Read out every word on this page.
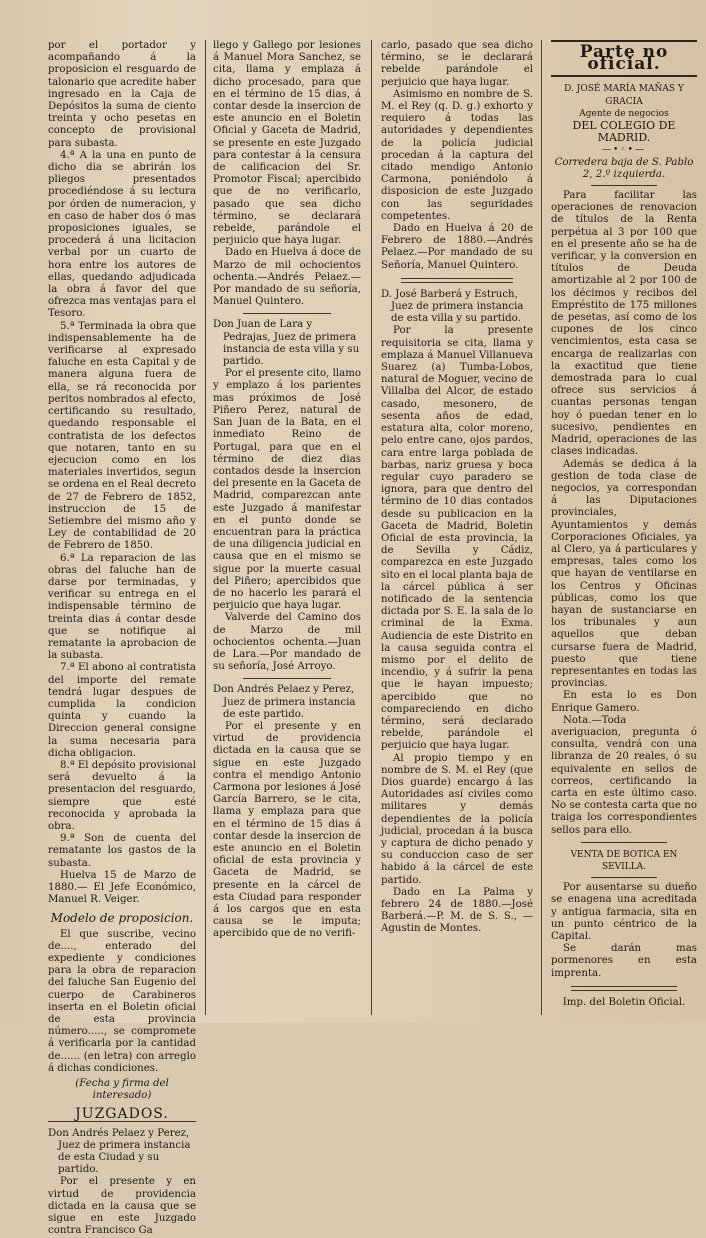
por el portador y acompañando á la proposicion el resguardo de talonario que acredite haber ingresado en la Caja de Depósitos la suma de ciento treinta y ocho pesetas en concepto de provisional para subasta.

4.ª A la una en punto de dicho dia se abrirán los pliegos presentados procediéndose á su lectura por órden de numeracion, y en caso de haber dos ó mas proposiciones iguales, se procederá á una licitacion verbal por un cuarto de hora entre los autores de ellas, quedando adjudicada la obra á favor del que ofrezca mas ventajas para el Tesoro.

5.ª Terminada la obra que indispensablemente ha de verificarse al expresado faluche en esta Capital y de manera alguna fuera de ella, se rá reconocida por peritos nombrados al efecto, certificando su resultado, quedando responsable el contratista de los defectos que notaren, tanto en su ejecucion como en los materiales invertidos, segun se ordena en el Real decreto de 27 de Febrero de 1852, instruccion de 15 de Setiembre del mismo año y Ley de contabilidad de 20 de Febrero de 1850.

6.ª La reparacion de las obras del faluche han de darse por terminadas, y verificar su entrega en el indispensable término de treinta dias á contar desde que se notifique al rematante la aprobacion de la subasta.

7.ª El abono al contratista del importe del remate tendrá lugar despues de cumplida la condicion quinta y cuando la Direccion general consigne la suma necesaria para dicha obligacion.

8.ª El depósito provisional será devuelto á la presentacion del resguardo, siempre que esté reconocida y aprobada la obra.

9.ª Son de cuenta del rematante los gastos de la subasta.

Huelva 15 de Marzo de 1880.— El Jefe Económico, Manuel R. Veiger.

Modelo de proposicion.

El que suscribe, vecino de...., enterado del expediente y condiciones para la obra de reparacion del faluche San Eugenio del cuerpo de Carabineros inserta en el Boletin oficial de esta provincia número....., se compromete á verificarla por la cantidad de...... (en letra) con arreglo á dichas condiciones.

(Fecha y firma del interesado)

JUZGADOS.

Don Andrés Pelaez y Perez, Juez de primera instancia de esta Ciudad y su partido.

Por el presente y en virtud de providencia dictada en la causa que se sigue en este Juzgado contra Francisco Ga

llego y Gallego por lesiones á Manuel Mora Sanchez, se cita, llama y emplaza á dicho procesado, para que en el término de 15 dias, á contar desde la insercion de este anuncio en el Boletin Oficial y Gaceta de Madrid, se presente en este Juzgado para contestar á la censura de calificacion del Sr. Promotor Fiscal; apercibido que de no verificarlo, pasado que sea dicho término, se declarará rebelde, parándole el perjuicio que haya lugar.

Dado en Huelva á doce de Marzo de mil ochocientos ochenta.—Andrés Pelaez.—Por mandado de su señoría, Manuel Quintero.

Don Juan de Lara y Pedrajas, Juez de primera instancia de esta villa y su partido.

Por el presente cito, llamo y emplazo á los parientes mas próximos de José Piñero Perez, natural de San Juan de la Bata, en el inmediato Reino de Portugal, para que en el término de diez dias contados desde la insercion del presente en la Gaceta de Madrid, comparezcan ante este Juzgado á manifestar en el punto donde se encuentran para la práctica de una diligencia judicial en causa que en el mismo se sigue por la muerte casual del Piñero; apercibidos que de no hacerlo les parará el perjuicio que haya lugar.

Valverde del Camino dos de Marzo de mil ochocientos ochenta.—Juan de Lara.—Por mandado de su señoría, José Arroyo.

Don Andrés Pelaez y Perez, Juez de primera instancia de este partido.

Por el presente y en virtud de providencia dictada en la causa que se sigue en este Juzgado contra el mendigo Antonio Carmona por lesiones á José García Barrero, se le cita, llama y emplaza para que en el término de 15 dias á contar desde la insercion de este anuncio en el Boletin oficial de esta provincia y Gaceta de Madrid, se presente en la cárcel de esta Ciudad para responder á los cargos que en esta causa se le imputa; apercibido que de no verifi-

carlo, pasado que sea dicho término, se le declarará rebelde parándole el perjuicio que haya lugar.

Asimismo en nombre de S. M. el Rey (q. D. g.) exhorto y requiero á todas las autoridades y dependientes de la policía judicial procedan á la captura del citado mendigo Antonio Carmona, poniéndolo á disposicion de este Juzgado con las seguridades competentes.

Dado en Huelva á 20 de Febrero de 1880.—Andrés Pelaez.—Por mandado de su Señoría, Manuel Quintero.

D. José Barberá y Estruch, Juez de primera instancia de esta villa y su partido.

Por la presente requisitoria se cita, llama y emplaza á Manuel Villanueva Suarez (a) Tumba-Lobos, natural de Moguer, vecino de Villalba del Alcor, de estado casado, mesonero, de sesenta años de edad, estatura alta, color moreno, pelo entre cano, ojos pardos, cara entre larga poblada de barbas, nariz gruesa y boca regular cuyo paradero se ignora, para que dentro del término de 10 dias contados desde su publicacion en la Gaceta de Madrid, Boletin Oficial de esta provincia, la de Sevilla y Cádiz, comparezca en este Juzgado sito en el local planta baja de la cárcel pública á ser notificado de la sentencia dictada por S. E. la sala de lo criminal de la Exma. Audiencia de este Distrito en la causa seguida contra el mismo por el delito de incendio, y á sufrir la pena que le hayan impuesto; apercibido que no compareciendo en dicho término, será declarado rebelde, parándole el perjuicio que haya lugar.

Al propio tiempo y en nombre de S. M. el Rey (que Dios guarde) encargo á las Autoridades así civiles como militares y demás dependientes de la policía judicial, procedan á la busca y captura de dicho penado y su conduccion caso de ser habido á la cárcel de este partido.

Dado en La Palma y febrero 24 de 1880.—José Barberá.—P. M. de S. S., —Agustin de Montes.

Parte no oficial.

D. JOSÉ MARÍA MAÑAS Y GRACIA

Agente de negocios

DEL COLEGIO DE MADRID.

—•◦•—

Corredera baja de S. Pablo 2, 2.º izquierda.

Para facilitar las operaciones de renovacion de títulos de la Renta perpétua al 3 por 100 que en el presente año se ha de verificar, y la conversion en títulos de Deuda amortizable al 2 por 100 de los décimos y recibos del Empréstito de 175 millones de pesetas, así como de los cupones de los cinco vencimientos, esta casa se encarga de realizarlas con la exactitud que tiene demostrada para lo cual ofrece sus servicios á cuantas personas tengan hoy ó puedan tener en lo sucesivo, pendientes en Madrid, operaciones de las clases indicadas.

Además se dedica á la gestion de toda clase de negocios, ya correspondan á las Diputaciones provinciales, Ayuntamientos y demás Corporaciones Oficiales, ya al Clero, ya á particulares y empresas, tales como los que hayan de ventilarse en los Centros y Oficinas públicas, como los que hayan de sustanciarse en los tribunales y aun aquellos que deban cursarse fuera de Madrid, puesto que tiene representantes en todas las provincias.

En esta lo es Don Enrique Gamero.

Nota.—Toda averiguacion, pregunta ó consulta, vendrá con una libranza de 20 reales, ó su equivalente en sellos de correos, certificando la carta en este último caso. No se contesta carta que no traiga los correspondientes sellos para ello.

VENTA DE BOTICA EN SEVILLA.

Por ausentarse su dueño se enagena una acreditada y antigua farmacia, sita en un punto céntrico de la Capital.

Se darán mas pormenores en esta imprenta.

Imp. del Boletin Oficial.
